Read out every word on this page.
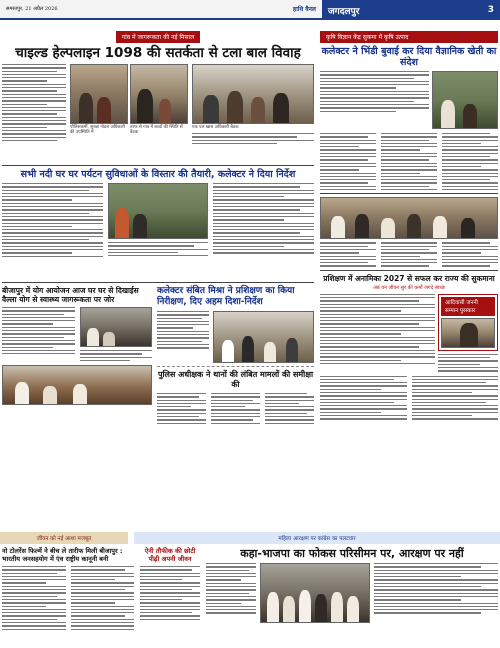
समस्तपुर, 21 अप्रैल 2026	हाथि वैनल जगदलपुर	3
गांव में जागरूकता की नई मिसाल
चाइल्ड हेल्पलाइन 1098 की सतर्कता से टला बाल विवाह
पोलिसकर्मी, सुरक्षा नोडल अधिकारी की उपस्थिति में
तरफ से गांव में बच्चों की स्थिति से बैठक
एक पल खास अधिकारी बैठक
सभी नदी घर घर पर्यटन सुविधाओं के विस्तार की तैयारी, कलेक्टर ने दिया निर्देश
बीजापुर में योग आयोजन आज घर घर से दिखाईस वैल्ला योग से स्वास्थ्य जागरूकता पर जोर
कलेक्टर संबित मिश्रा ने प्रशिक्षण का किया निरीक्षण, दिए अहम दिशा-निर्देश
पुलिस अधीक्षक ने थानों की लंबित मामलों की समीक्षा की
कृषि विज्ञान केंद्र सुकमा में कृषि उत्पाद
कलेक्टर ने भिंडी बुवाई कर दिया वैज्ञानिक खेती का संदेश
प्रशिक्षण में अनामिका 2027 से सफल कर राज्य की सुकमाना
अब वन जीवन सुर की कर्मों जगदे स्वच्छ
आदिवासी जननी सम्मान पुरस्कार
जीवन को नई आशा मजबूत	महिला आरक्षण पर कांग्रेस का पलटवार
नो टोलरेंस फिल्में ने बीच ले तारीफ मिली बीजापुर : भारतीय जनसहयोग में एंव राष्ट्रीय कानूनी बनी
ऐनी तौफीक की छोटी पीढ़ी अपनी जीवन	कहा-भाजपा का फोकस परिसीमन पर, आरक्षण पर नहीं
